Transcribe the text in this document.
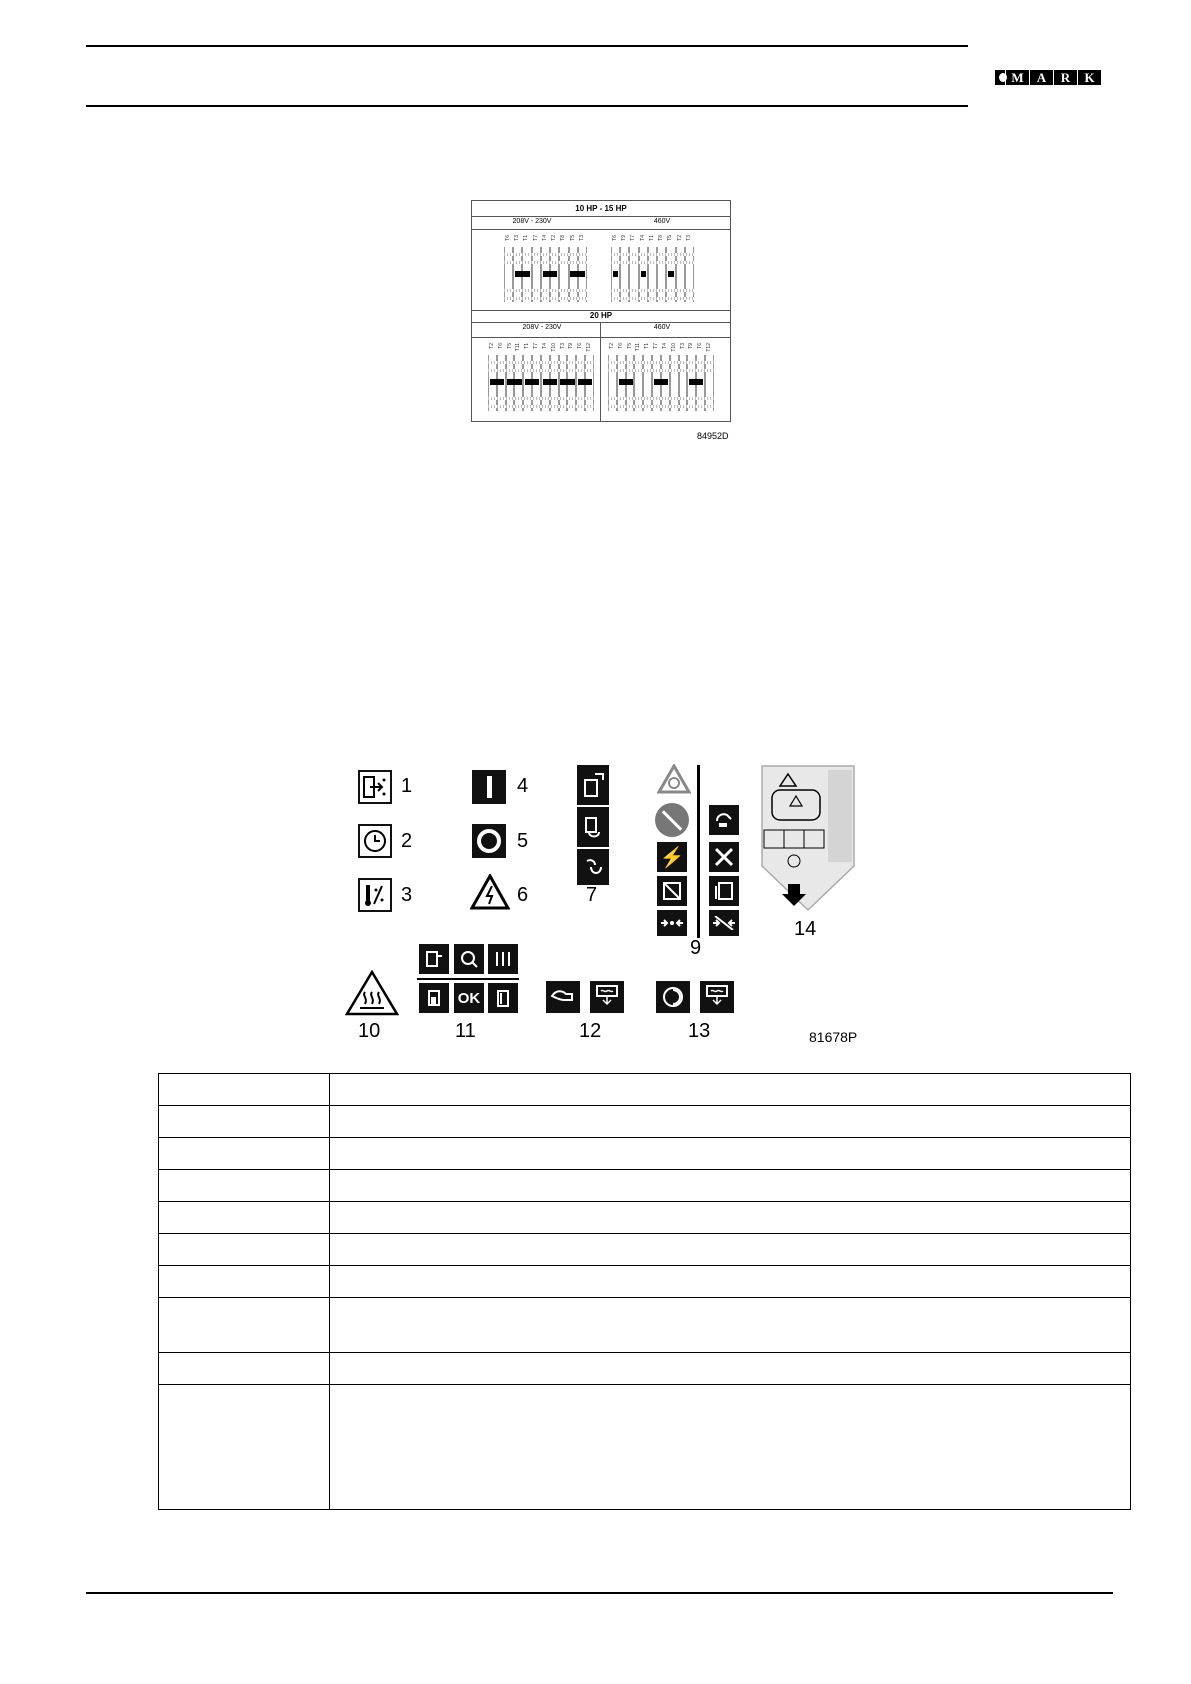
M	A	R	K
10 HP - 15 HP
208V - 230V	460V
T6 T3 T1 T7 T4 T2 T8 T5 T3	T6 T9 T7 T4 T1 T8 T5 T2 T3
20 HP
208V - 230V	460V
T2 T6 T5 T11 T1 T7 T4 T10 T3 T9 T6 T12	T2 T6 T5 T11 T1 T7 T4 T10 T3 T9 T6 T12
84952D
1
2
3
4
5
6	7
⚡
9
14
10
OK
11	12	13	81678P
